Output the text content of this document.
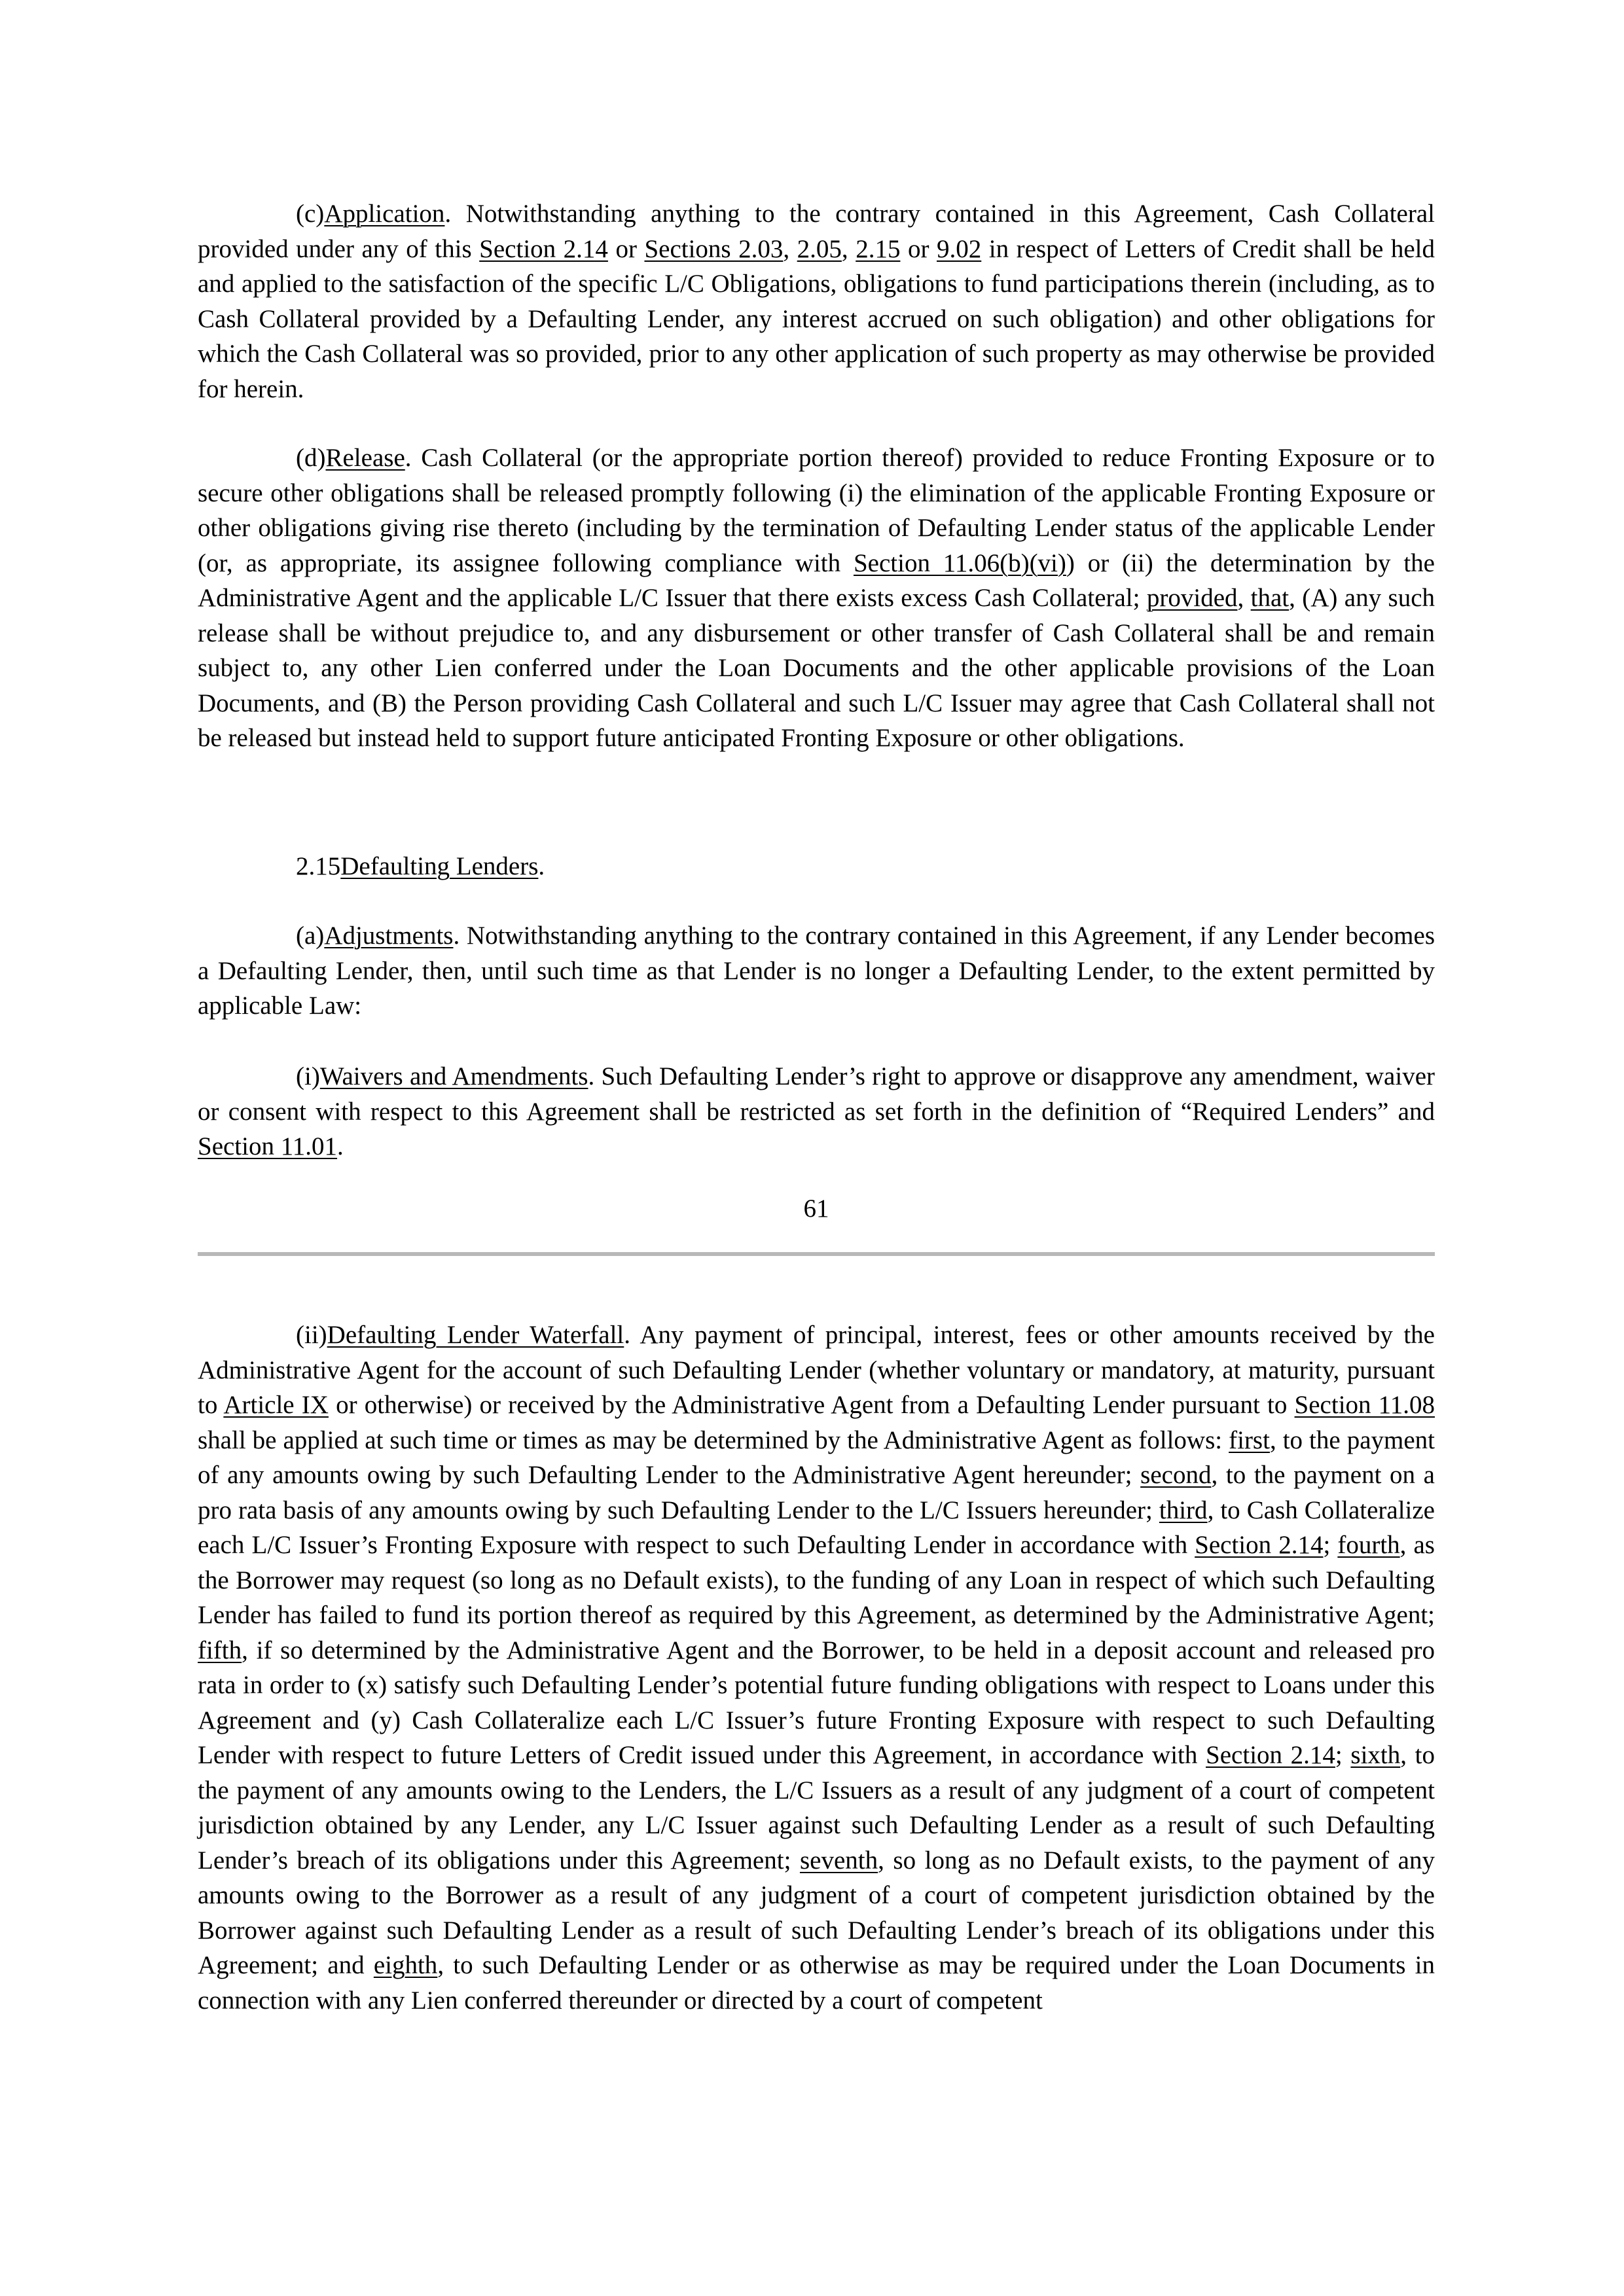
(c)Application. Notwithstanding anything to the contrary contained in this Agreement, Cash Collateral provided under any of this Section 2.14 or Sections 2.03, 2.05, 2.15 or 9.02 in respect of Letters of Credit shall be held and applied to the satisfaction of the specific L/C Obligations, obligations to fund participations therein (including, as to Cash Collateral provided by a Defaulting Lender, any interest accrued on such obligation) and other obligations for which the Cash Collateral was so provided, prior to any other application of such property as may otherwise be provided for herein.

(d)Release. Cash Collateral (or the appropriate portion thereof) provided to reduce Fronting Exposure or to secure other obligations shall be released promptly following (i) the elimination of the applicable Fronting Exposure or other obligations giving rise thereto (including by the termination of Defaulting Lender status of the applicable Lender (or, as appropriate, its assignee following compliance with Section 11.06(b)(vi)) or (ii) the determination by the Administrative Agent and the applicable L/C Issuer that there exists excess Cash Collateral; provided, that, (A) any such release shall be without prejudice to, and any disbursement or other transfer of Cash Collateral shall be and remain subject to, any other Lien conferred under the Loan Documents and the other applicable provisions of the Loan Documents, and (B) the Person providing Cash Collateral and such L/C Issuer may agree that Cash Collateral shall not be released but instead held to support future anticipated Fronting Exposure or other obligations.

2.15Defaulting Lenders.

(a)Adjustments. Notwithstanding anything to the contrary contained in this Agreement, if any Lender becomes a Defaulting Lender, then, until such time as that Lender is no longer a Defaulting Lender, to the extent permitted by applicable Law:

(i)Waivers and Amendments. Such Defaulting Lender’s right to approve or disapprove any amendment, waiver or consent with respect to this Agreement shall be restricted as set forth in the definition of “Required Lenders” and Section 11.01.

61

(ii)Defaulting Lender Waterfall. Any payment of principal, interest, fees or other amounts received by the Administrative Agent for the account of such Defaulting Lender (whether voluntary or mandatory, at maturity, pursuant to Article IX or otherwise) or received by the Administrative Agent from a Defaulting Lender pursuant to Section 11.08 shall be applied at such time or times as may be determined by the Administrative Agent as follows: first, to the payment of any amounts owing by such Defaulting Lender to the Administrative Agent hereunder; second, to the payment on a pro rata basis of any amounts owing by such Defaulting Lender to the L/C Issuers hereunder; third, to Cash Collateralize each L/C Issuer’s Fronting Exposure with respect to such Defaulting Lender in accordance with Section 2.14; fourth, as the Borrower may request (so long as no Default exists), to the funding of any Loan in respect of which such Defaulting Lender has failed to fund its portion thereof as required by this Agreement, as determined by the Administrative Agent; fifth, if so determined by the Administrative Agent and the Borrower, to be held in a deposit account and released pro rata in order to (x) satisfy such Defaulting Lender’s potential future funding obligations with respect to Loans under this Agreement and (y) Cash Collateralize each L/C Issuer’s future Fronting Exposure with respect to such Defaulting Lender with respect to future Letters of Credit issued under this Agreement, in accordance with Section 2.14; sixth, to the payment of any amounts owing to the Lenders, the L/C Issuers as a result of any judgment of a court of competent jurisdiction obtained by any Lender, any L/C Issuer against such Defaulting Lender as a result of such Defaulting Lender’s breach of its obligations under this Agreement; seventh, so long as no Default exists, to the payment of any amounts owing to the Borrower as a result of any judgment of a court of competent jurisdiction obtained by the Borrower against such Defaulting Lender as a result of such Defaulting Lender’s breach of its obligations under this Agreement; and eighth, to such Defaulting Lender or as otherwise as may be required under the Loan Documents in connection with any Lien conferred thereunder or directed by a court of competent
